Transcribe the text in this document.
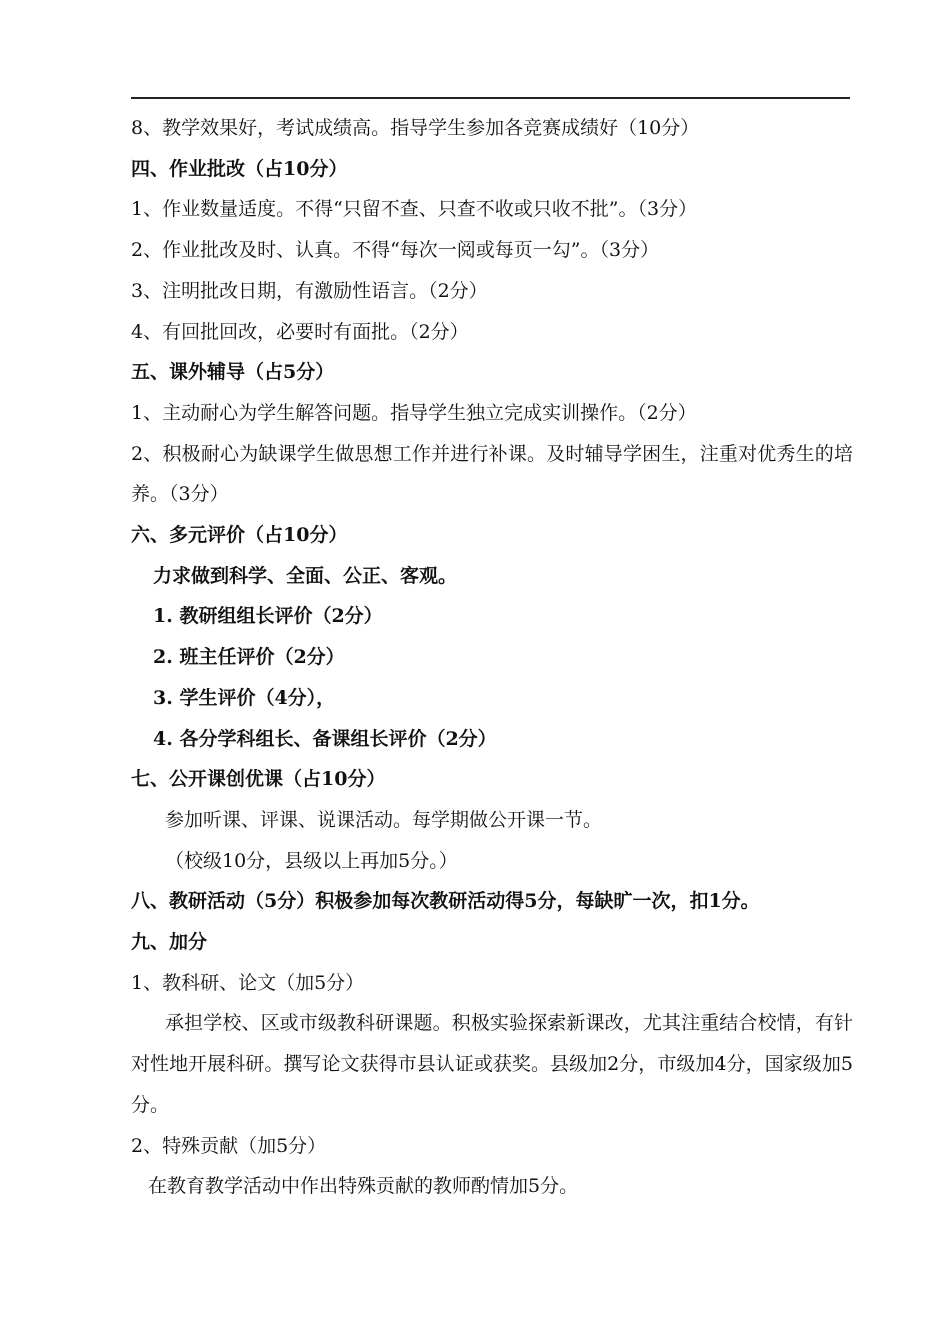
8、教学效果好，考试成绩高。指导学生参加各竞赛成绩好（10分）
四、作业批改（占10分）
1、作业数量适度。不得“只留不查、只查不收或只收不批”。（3分）
2、作业批改及时、认真。不得“每次一阅或每页一勾”。（3分）
3、注明批改日期，有激励性语言。（2分）
4、有回批回改，必要时有面批。（2分）
五、课外辅导（占5分）
1、主动耐心为学生解答问题。指导学生独立完成实训操作。（2分）
2、积极耐心为缺课学生做思想工作并进行补课。及时辅导学困生，注重对优秀生的培养。（3分）
六、多元评价（占10分）
力求做到科学、全面、公正、客观。
1. 教研组组长评价（2分）
2. 班主任评价（2分）
3. 学生评价（4分），
4. 各分学科组长、备课组长评价（2分）
七、公开课创优课（占10分）
参加听课、评课、说课活动。每学期做公开课一节。
（校级10分，县级以上再加5分。）
八、教研活动（5分）积极参加每次教研活动得5分，每缺旷一次，扣1分。
九、加分
1、教科研、论文（加5分）
承担学校、区或市级教科研课题。积极实验探索新课改，尤其注重结合校情，有针对性地开展科研。撰写论文获得市县认证或获奖。县级加2分，市级加4分，国家级加5分。
2、特殊贡献（加5分）
在教育教学活动中作出特殊贡献的教师酌情加5分。
